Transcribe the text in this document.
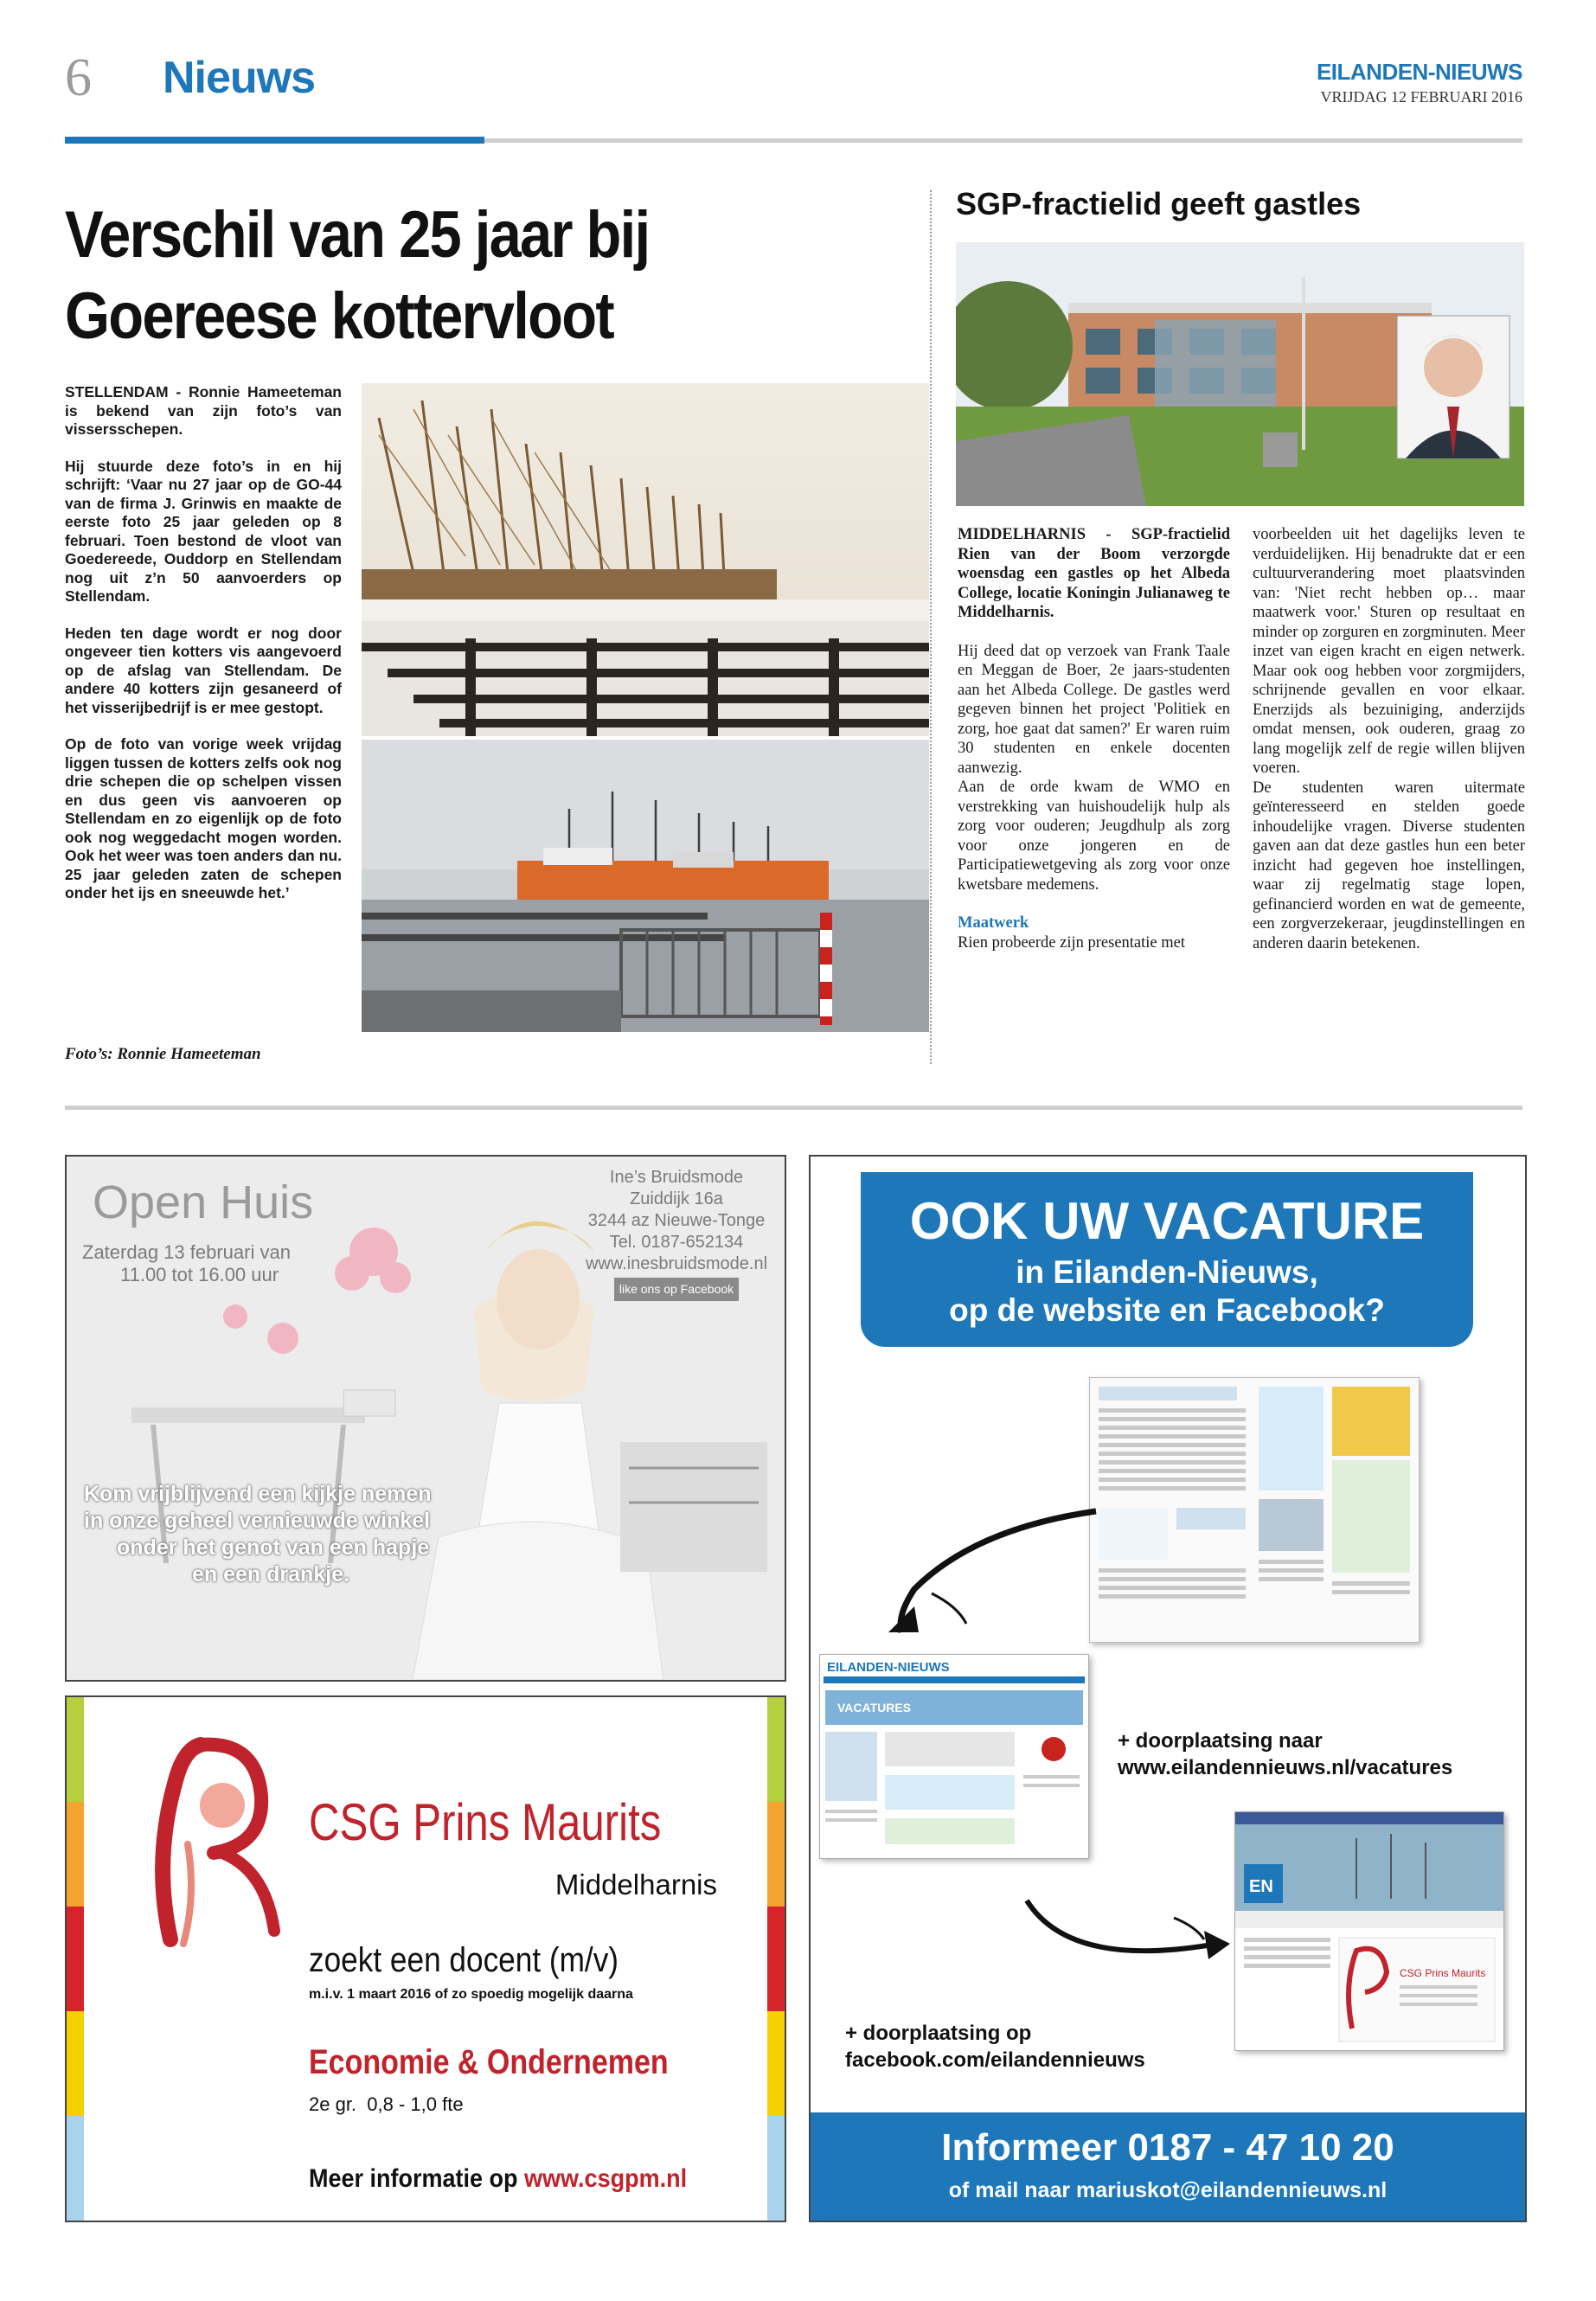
6 Nieuws	EILANDEN-NIEUWS
VRIJDAG 12 FEBRUARI 2016
Verschil van 25 jaar bij
Goereese kottervloot

STELLENDAM - Ronnie Hameeteman is bekend van zijn foto’s van vissersschepen.

Hij stuurde deze foto’s in en hij schrijft: ‘Vaar nu 27 jaar op de GO-44 van de firma J. Grinwis en maakte de eerste foto 25 jaar geleden op 8 februari. Toen bestond de vloot van Goedereede, Ouddorp en Stellendam nog uit z’n 50 aanvoerders op Stellendam.

Heden ten dage wordt er nog door ongeveer tien kotters vis aangevoerd op de afslag van Stellendam. De andere 40 kotters zijn gesaneerd of het visserijbedrijf is er mee gestopt.

Op de foto van vorige week vrijdag liggen tussen de kotters zelfs ook nog drie schepen die op schelpen vissen en dus geen vis aanvoeren op Stellendam en zo eigenlijk op de foto ook nog weggedacht mogen worden. Ook het weer was toen anders dan nu. 25 jaar geleden zaten de schepen onder het ijs en sneeuwde het.’

Foto’s: Ronnie Hameeteman
SGP-fractielid geeft gastles

MIDDELHARNIS - SGP-fractielid Rien van der Boom verzorgde woensdag een gastles op het Albeda College, locatie Koningin Julianaweg te Middelharnis.

Hij deed dat op verzoek van Frank Taale en Meggan de Boer, 2e jaars-studenten aan het Albeda College. De gastles werd gegeven binnen het project 'Politiek en zorg, hoe gaat dat samen?' Er waren ruim 30 studenten en enkele docenten aanwezig.

Aan de orde kwam de WMO en verstrekking van huishoudelijk hulp als zorg voor ouderen; Jeugdhulp als zorg voor onze jongeren en de Participatiewetgeving als zorg voor onze kwetsbare medemens.

Maatwerk
Rien probeerde zijn presentatie met

voorbeelden uit het dagelijks leven te verduidelijken. Hij benadrukte dat er een cultuurverandering moet plaatsvinden van: 'Niet recht hebben op… maar maatwerk voor.' Sturen op resultaat en minder op zorguren en zorgminuten. Meer inzet van eigen kracht en eigen netwerk. Maar ook oog hebben voor zorgmijders, schrijnende gevallen en voor elkaar. Enerzijds als bezuiniging, anderzijds omdat mensen, ook ouderen, graag zo lang mogelijk zelf de regie willen blijven voeren.

De studenten waren uitermate geïnteresseerd en stelden goede inhoudelijke vragen. Diverse studenten gaven aan dat deze gastles hun een beter inzicht had gegeven hoe instellingen, waar zij regelmatig stage lopen, gefinancierd worden en wat de gemeente, een zorgverzekeraar, jeugdinstellingen en anderen daarin betekenen.

Open Huis
Zaterdag 13 februari van
11.00 tot 16.00 uur
Ine’s Bruidsmode
Zuiddijk 16a
3244 az Nieuwe-Tonge
Tel. 0187-652134
www.inesbruidsmode.nl
like ons op Facebook
Kom vrijblijvend een kijkje nemen
in onze geheel vernieuwde winkel
onder het genot van een hapje
en een drankje.
CSG Prins Maurits
Middelharnis
zoekt een docent (m/v)
m.i.v. 1 maart 2016 of zo spoedig mogelijk daarna
Economie & Ondernemen
2e gr.  0,8 - 1,0 fte
Meer informatie op www.csgpm.nl
OOK UW VACATURE
in Eilanden-Nieuws,
op de website en Facebook?
EILANDEN-NIEUWS
VACATURES
+ doorplaatsing naar
www.eilandennieuws.nl/vacatures
EN
CSG Prins Maurits
+ doorplaatsing op
facebook.com/eilandennieuws
Informeer 0187 - 47 10 20
of mail naar mariuskot@eilandennieuws.nl
